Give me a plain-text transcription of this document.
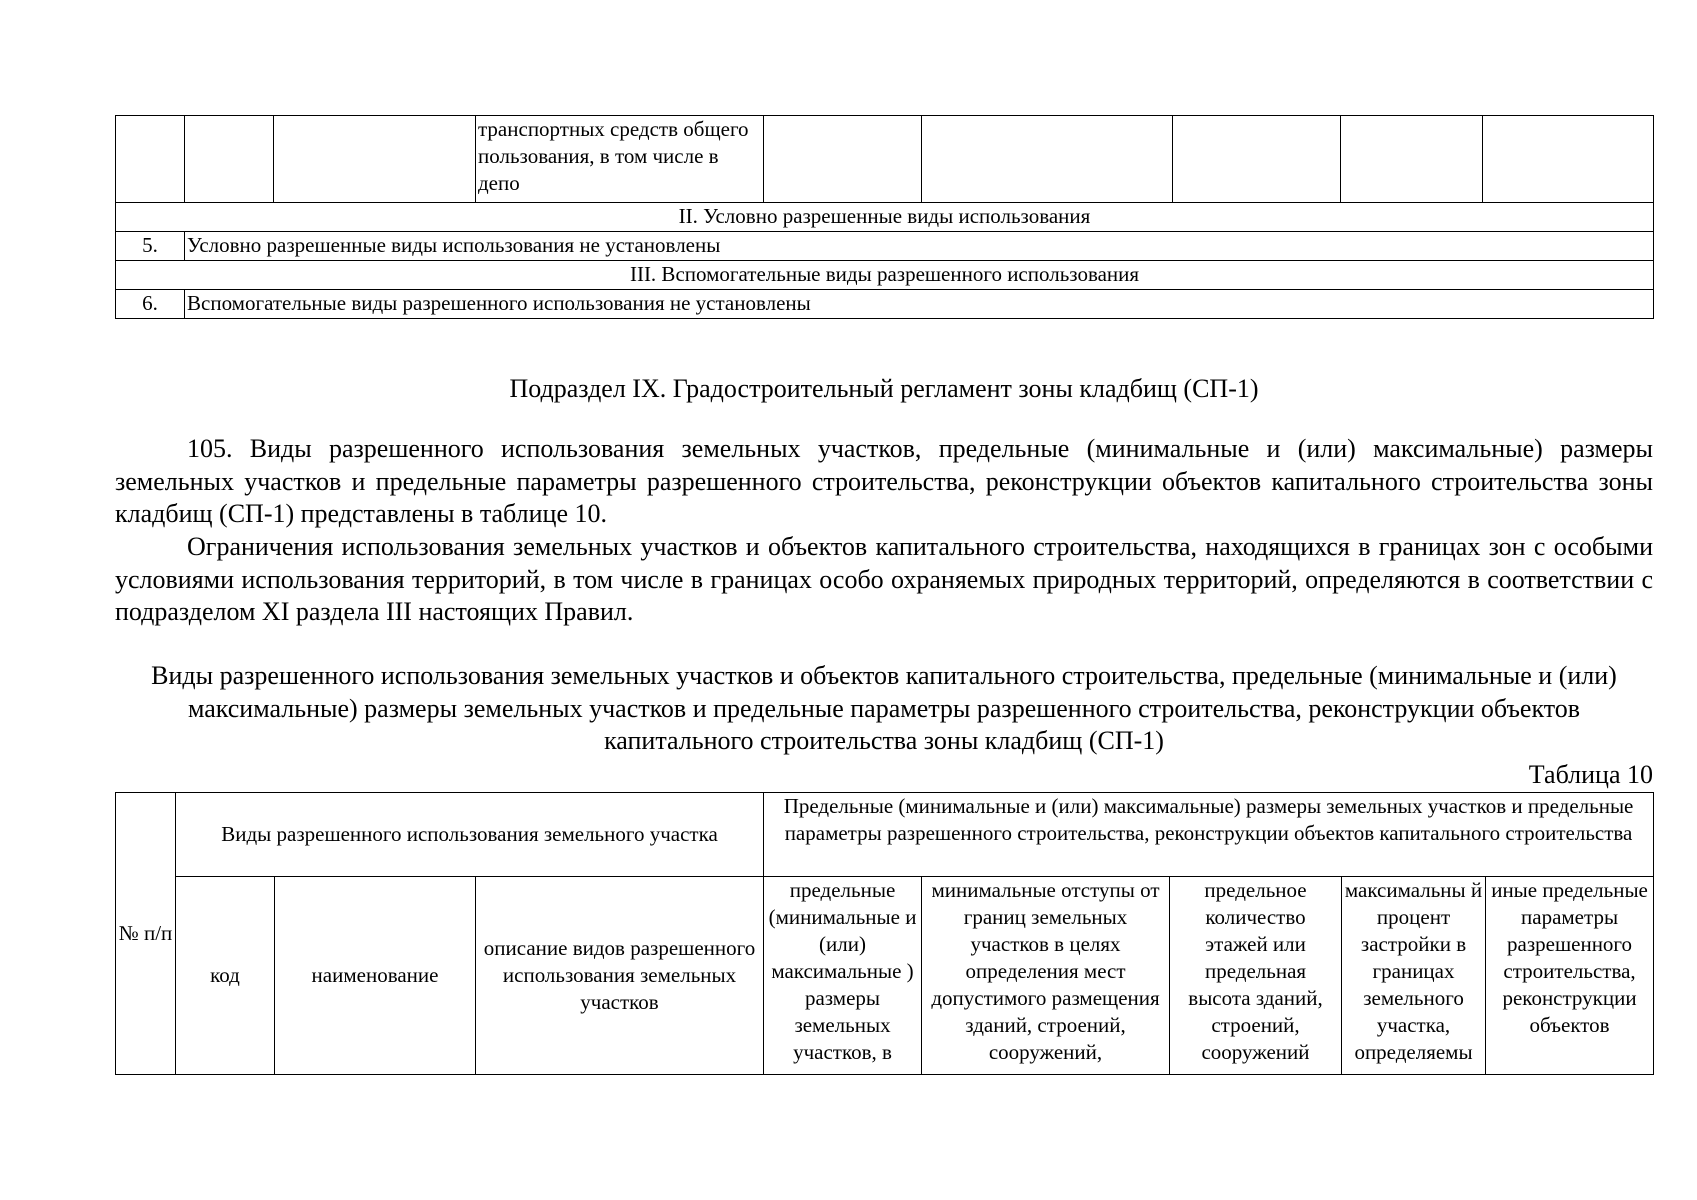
			транспортных средств общего пользования, в том числе в депо					
II. Условно разрешенные виды использования								
5.	Условно разрешенные виды использования не установлены							
III. Вспомогательные виды разрешенного использования								
6.	Вспомогательные виды разрешенного использования не установлены							
Подраздел IX. Градостроительный регламент зоны кладбищ (СП-1)

105. Виды разрешенного использования земельных участков, предельные (минимальные и (или) максимальные) размеры земельных участков и предельные параметры разрешенного строительства, реконструкции объектов капитального строительства зоны кладбищ (СП-1) представлены в таблице 10.

Ограничения использования земельных участков и объектов капитального строительства, находящихся в границах зон с особыми условиями использования территорий, в том числе в границах особо охраняемых природных территорий, определяются в соответствии с подразделом XI раздела III настоящих Правил.

Виды разрешенного использования земельных участков и объектов капитального строительства, предельные (минимальные и (или) максимальные) размеры земельных участков и предельные параметры разрешенного строительства, реконструкции объектов капитального строительства зоны кладбищ (СП-1)
Таблица 10
№ п/п	Виды разрешенного использования земельного участка			Предельные (минимальные и (или) максимальные) размеры земельных участков и предельные параметры разрешенного строительства, реконструкции объектов капитального строительства				
	код	наименование	описание видов разрешенного использования земельных участков	предельные (минимальные и (или) максимальные ) размеры земельных участков, в	минимальные отступы от границ земельных участков в целях определения мест допустимого размещения зданий, строений, сооружений,	предельное количество этажей или предельная высота зданий, строений, сооружений	максимальны й процент застройки в границах земельного участка, определяемы	иные предельные параметры разрешенного строительства, реконструкции объектов
